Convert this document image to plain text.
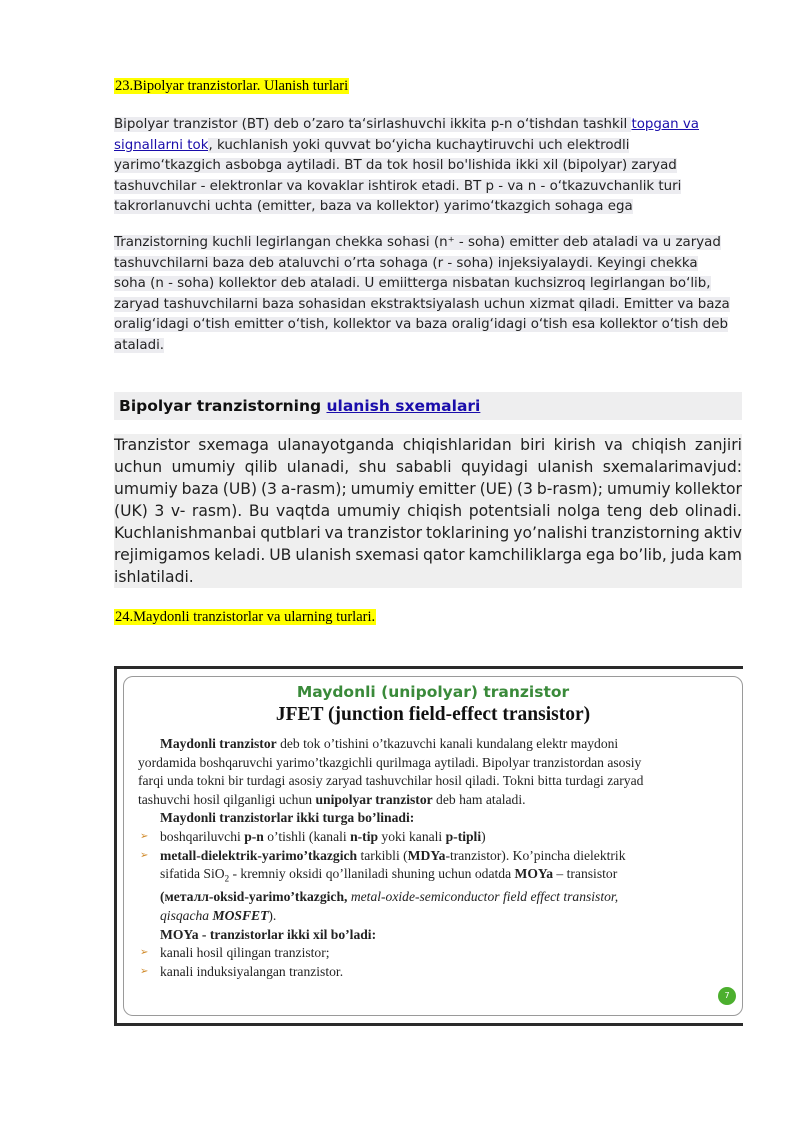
23.Bipolyar tranzistorlar. Ulanish turlari
Bipolyar tranzistor (BT) deb o’zaro ta‘sirlashuvchi ikkita p-n o‘tishdan tashkil topgan va
signallarni tok, kuchlanish yoki quvvat bo‘yicha kuchaytiruvchi uch elektrodli
yarimo‘tkazgich asbobga aytiladi. BT da tok hosil bo'lishida ikki xil (bipolyar) zaryad
tashuvchilar - elektronlar va kovaklar ishtirok etadi. BT p - va n - o‘tkazuvchanlik turi
takrorlanuvchi uchta (emitter, baza va kollektor) yarimo‘tkazgich sohaga ega
Tranzistorning kuchli legirlangan chekka sohasi (n⁺ - soha) emitter deb ataladi va u zaryad
tashuvchilarni baza deb ataluvchi o’rta sohaga (r - soha) injeksiyalaydi. Keyingi chekka
soha (n - soha) kollektor deb ataladi. U emiitterga nisbatan kuchsizroq legirlangan bo‘lib,
zaryad tashuvchilarni baza sohasidan ekstraktsiyalash uchun xizmat qiladi. Emitter va baza
oralig‘idagi o‘tish emitter o‘tish, kollektor va baza oralig‘idagi o‘tish esa kollektor o‘tish deb
ataladi.
Bipolyar tranzistorning ulanish sxemalari
Tranzistor sxemaga ulanayotganda chiqishlaridan biri kirish va chiqish zanjiri
uchun umumiy qilib ulanadi, shu sababli quyidagi ulanish sxemalarimavjud:
umumiy baza (UB) (3 a-rasm); umumiy emitter (UE) (3 b-rasm); umumiy kollektor
(UK) 3 v- rasm). Bu vaqtda umumiy chiqish potentsiali nolga teng deb olinadi.
Kuchlanishmanbai qutblari va tranzistor toklarining yo’nalishi tranzistorning aktiv
rejimigamos keladi. UB ulanish sxemasi qator kamchiliklarga ega bo’lib, juda kam
ishlatiladi.
24.Maydonli tranzistorlar va ularning turlari.
Maydonli (unipolyar) tranzistor
JFET (junction field-effect transistor)
Maydonli tranzistor deb tok o’tishini o’tkazuvchi kanali kundalang elektr maydoni
yordamida boshqaruvchi yarimo’tkazgichli qurilmaga aytiladi. Bipolyar tranzistordan asosiy
farqi unda tokni bir turdagi asosiy zaryad tashuvchilar hosil qiladi. Tokni bitta turdagi zaryad
tashuvchi hosil qilganligi uchun unipolyar tranzistor deb ham ataladi.
Maydonli tranzistorlar ikki turga bo’linadi:
➢ boshqariluvchi p-n o’tishli (kanali n-tip yoki kanali p-tipli)
➢ metall-dielektrik-yarimo’tkazgich tarkibli (MDYa-tranzistor). Ko’pincha dielektrik
sifatida SiO$_2$ - kremniy oksidi qo’llaniladi shuning uchun odatda MOYa – transistor
(металл-oksid-yarimo’tkazgich, metal-oxide-semiconductor field effect transistor,
qisqacha MOSFET).
MOYa - tranzistorlar ikki xil bo’ladi:
➢ kanali hosil qilingan tranzistor;
➢ kanali induksiyalangan tranzistor.
7
